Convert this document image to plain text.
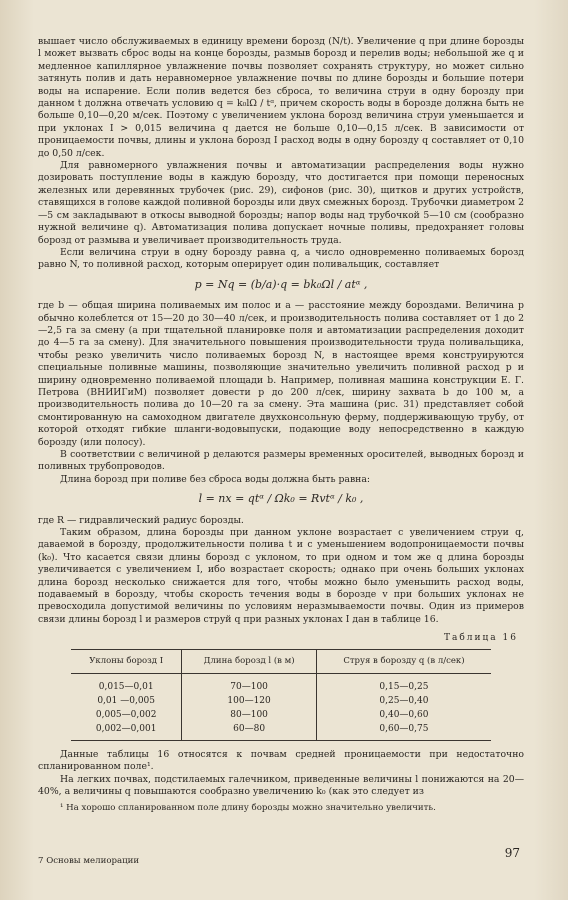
вышает число обслуживаемых в единицу времени борозд (N/t). Увеличение q при длине борозды l может вызвать сброс воды на конце борозды, размыв борозд и перелив воды; небольшой же q и медленное капиллярное увлажнение почвы позволяет сохранять структуру, но может сильно затянуть полив и дать неравномерное увлажнение почвы по длине борозды и большие потери воды на испарение. Если полив ведется без сброса, то величина струи в одну борозду при данном t должна отвечать условию q = k₀lΩ / tᵅ, причем скорость воды в борозде должна быть не больше 0,10—0,20 м/сек. Поэтому с увеличением уклона борозд величина струи уменьшается и при уклонах I > 0,015 величина q дается не больше 0,10—0,15 л/сек. В зависимости от проницаемости почвы, длины и уклона борозд I расход воды в одну борозду q составляет от 0,10 до 0,50 л/сек.

Для равномерного увлажнения почвы и автоматизации распределения воды нужно дозировать поступление воды в каждую борозду, что достигается при помощи переносных железных или деревянных трубочек (рис. 29), сифонов (рис. 30), щитков и других устройств, ставящихся в голове каждой поливной борозды или двух смежных борозд. Трубочки диаметром 2—5 см закладывают в откосы выводной борозды; напор воды над трубочкой 5—10 см (сообразно нужной величине q). Автоматизация полива допускает ночные поливы, предохраняет головы борозд от размыва и увеличивает производительность труда.

Если величина струи в одну борозду равна q, а число одновременно поливаемых борозд равно N, то поливной расход, которым оперирует один поливальщик, составляет

p = Nq = (b/a)·q = bk₀Ωl / atᵅ ,

где b — общая ширина поливаемых им полос и a — расстояние между бороздами. Величина p обычно колеблется от 15—20 до 30—40 л/сек, и производительность полива составляет от 1 до 2—2,5 га за смену (а при тщательной планировке поля и автоматизации распределения доходит до 4—5 га за смену). Для значительного повышения производительности труда поливальщика, чтобы резко увеличить число поливаемых борозд N, в настоящее время конструируются специальные поливные машины, позволяющие значительно увеличить поливной расход p и ширину одновременно поливаемой площади b. Например, поливная машина конструкции Е. Г. Петрова (ВНИИГиМ) позволяет довести p до 200 л/сек, ширину захвата b до 100 м, а производительность полива до 10—20 га за смену. Эта машина (рис. 31) представляет собой смонтированную на самоходном двигателе двухконсольную ферму, поддерживающую трубу, от которой отходят гибкие шланги-водовыпуски, подающие воду непосредственно в каждую борозду (или полосу).

В соответствии с величиной p делаются размеры временных оросителей, выводных борозд и поливных трубопроводов.

Длина борозд при поливе без сброса воды должна быть равна:

l = nx = qtᵅ / Ωk₀ = Rvtᵅ / k₀ ,

где R — гидравлический радиус борозды.

Таким образом, длина борозды при данном уклоне возрастает с увеличением струи q, даваемой в борозду, продолжительности полива t и с уменьшением водопроницаемости почвы (k₀). Что касается связи длины борозд с уклоном, то при одном и том же q длина борозды увеличивается с увеличением I, ибо возрастает скорость; однако при очень больших уклонах длина борозд несколько снижается для того, чтобы можно было уменьшить расход воды, подаваемый в борозду, чтобы скорость течения воды в борозде v при больших уклонах не превосходила допустимой величины по условиям неразмываемости почвы. Один из примеров связи длины борозд l и размеров струй q при разных уклонах I дан в таблице 16.

Таблица 16
Уклоны борозд I	Длина борозд l (в м)	Струя в борозду q (в л/сек)
0,015—0,01	70—100	0,15—0,25
0,01 —0,005	100—120	0,25—0,40
0,005—0,002	80—100	0,40—0,60
0,002—0,001	60—80	0,60—0,75

Данные таблицы 16 относятся к почвам средней проницаемости при недостаточно спланированном поле¹.

На легких почвах, подстилаемых галечником, приведенные величины l понижаются на 20—40%, а величины q повышаются сообразно увеличению k₀ (как это следует из

¹ На хорошо спланированном поле длину борозды можно значительно увеличить.
97
7 Основы мелиорации
